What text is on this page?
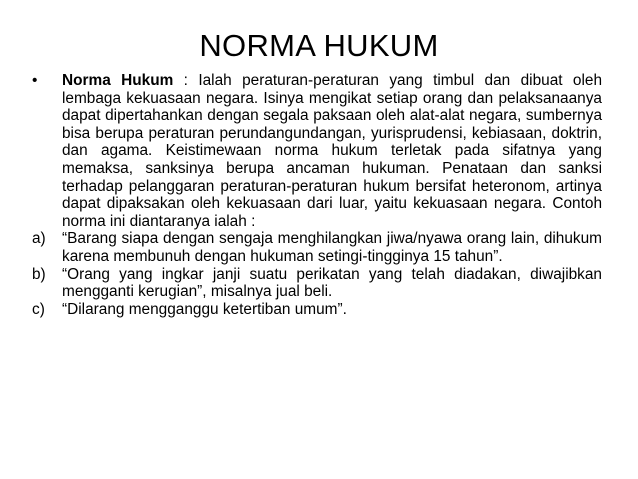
NORMA HUKUM

•	Norma Hukum : Ialah peraturan-peraturan yang timbul dan dibuat oleh lembaga kekuasaan negara. Isinya mengikat setiap orang dan pelaksanaanya dapat dipertahankan dengan segala paksaan oleh alat-alat negara, sumbernya bisa berupa peraturan perundangundangan, yurisprudensi, kebiasaan, doktrin, dan agama. Keistimewaan norma hukum terletak pada sifatnya yang memaksa, sanksinya berupa ancaman hukuman. Penataan dan sanksi terhadap pelanggaran peraturan-peraturan hukum bersifat heteronom, artinya dapat dipaksakan oleh kekuasaan dari luar, yaitu kekuasaan negara. Contoh norma ini diantaranya ialah :

a) “Barang siapa dengan sengaja menghilangkan jiwa/nyawa orang lain, dihukum karena membunuh dengan hukuman setingi-tingginya 15 tahun”.

b) “Orang yang ingkar janji suatu perikatan yang telah diadakan, diwajibkan mengganti kerugian”, misalnya jual beli.

c) “Dilarang mengganggu ketertiban umum”.
